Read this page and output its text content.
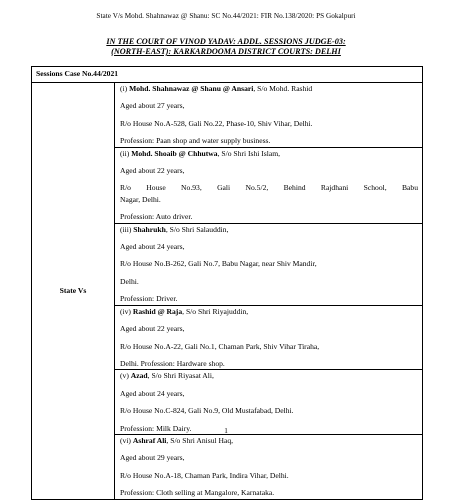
State V/s Mohd. Shahnawaz @ Shanu: SC No.44/2021: FIR No.138/2020: PS Gokalpuri
IN THE COURT OF VINOD YADAV: ADDL. SESSIONS JUDGE-03:
(NORTH-EAST): KARKARDOOMA DISTRICT COURTS: DELHI
Sessions Case No.44/2021
State Vs	
(i) Mohd. Shahnawaz @ Shanu @ Ansari, S/o Mohd. Rashid
Aged about 27 years,
R/o House No.A-528, Gali No.22, Phase-10, Shiv Vihar, Delhi.
Profession: Paan shop and water supply business.

(ii) Mohd. Shoaib @ Chhutwa, S/o Shri Ishi Islam,
Aged about 22 years,
R/o House No.93, Gali No.5/2, Behind Rajdhani School, Babu
Nagar, Delhi.
Profession: Auto driver.

(iii) Shahrukh, S/o Shri Salauddin,
Aged about 24 years,
R/o House No.B-262, Gali No.7, Babu Nagar, near Shiv Mandir,
Delhi.
Profession: Driver.

(iv) Rashid @ Raja, S/o Shri Riyajuddin,
Aged about 22 years,
R/o House No.A-22, Gali No.1, Chaman Park, Shiv Vihar Tiraha,
Delhi. Profession: Hardware shop.

(v) Azad, S/o Shri Riyasat Ali,
Aged about 24 years,
R/o House No.C-824, Gali No.9, Old Mustafabad, Delhi.
Profession: Milk Dairy.

(vi) Ashraf Ali, S/o Shri Anisul Haq,
Aged about 29 years,
R/o House No.A-18, Chaman Park, Indira Vihar, Delhi.
Profession: Cloth selling at Mangalore, Karnataka.
1
